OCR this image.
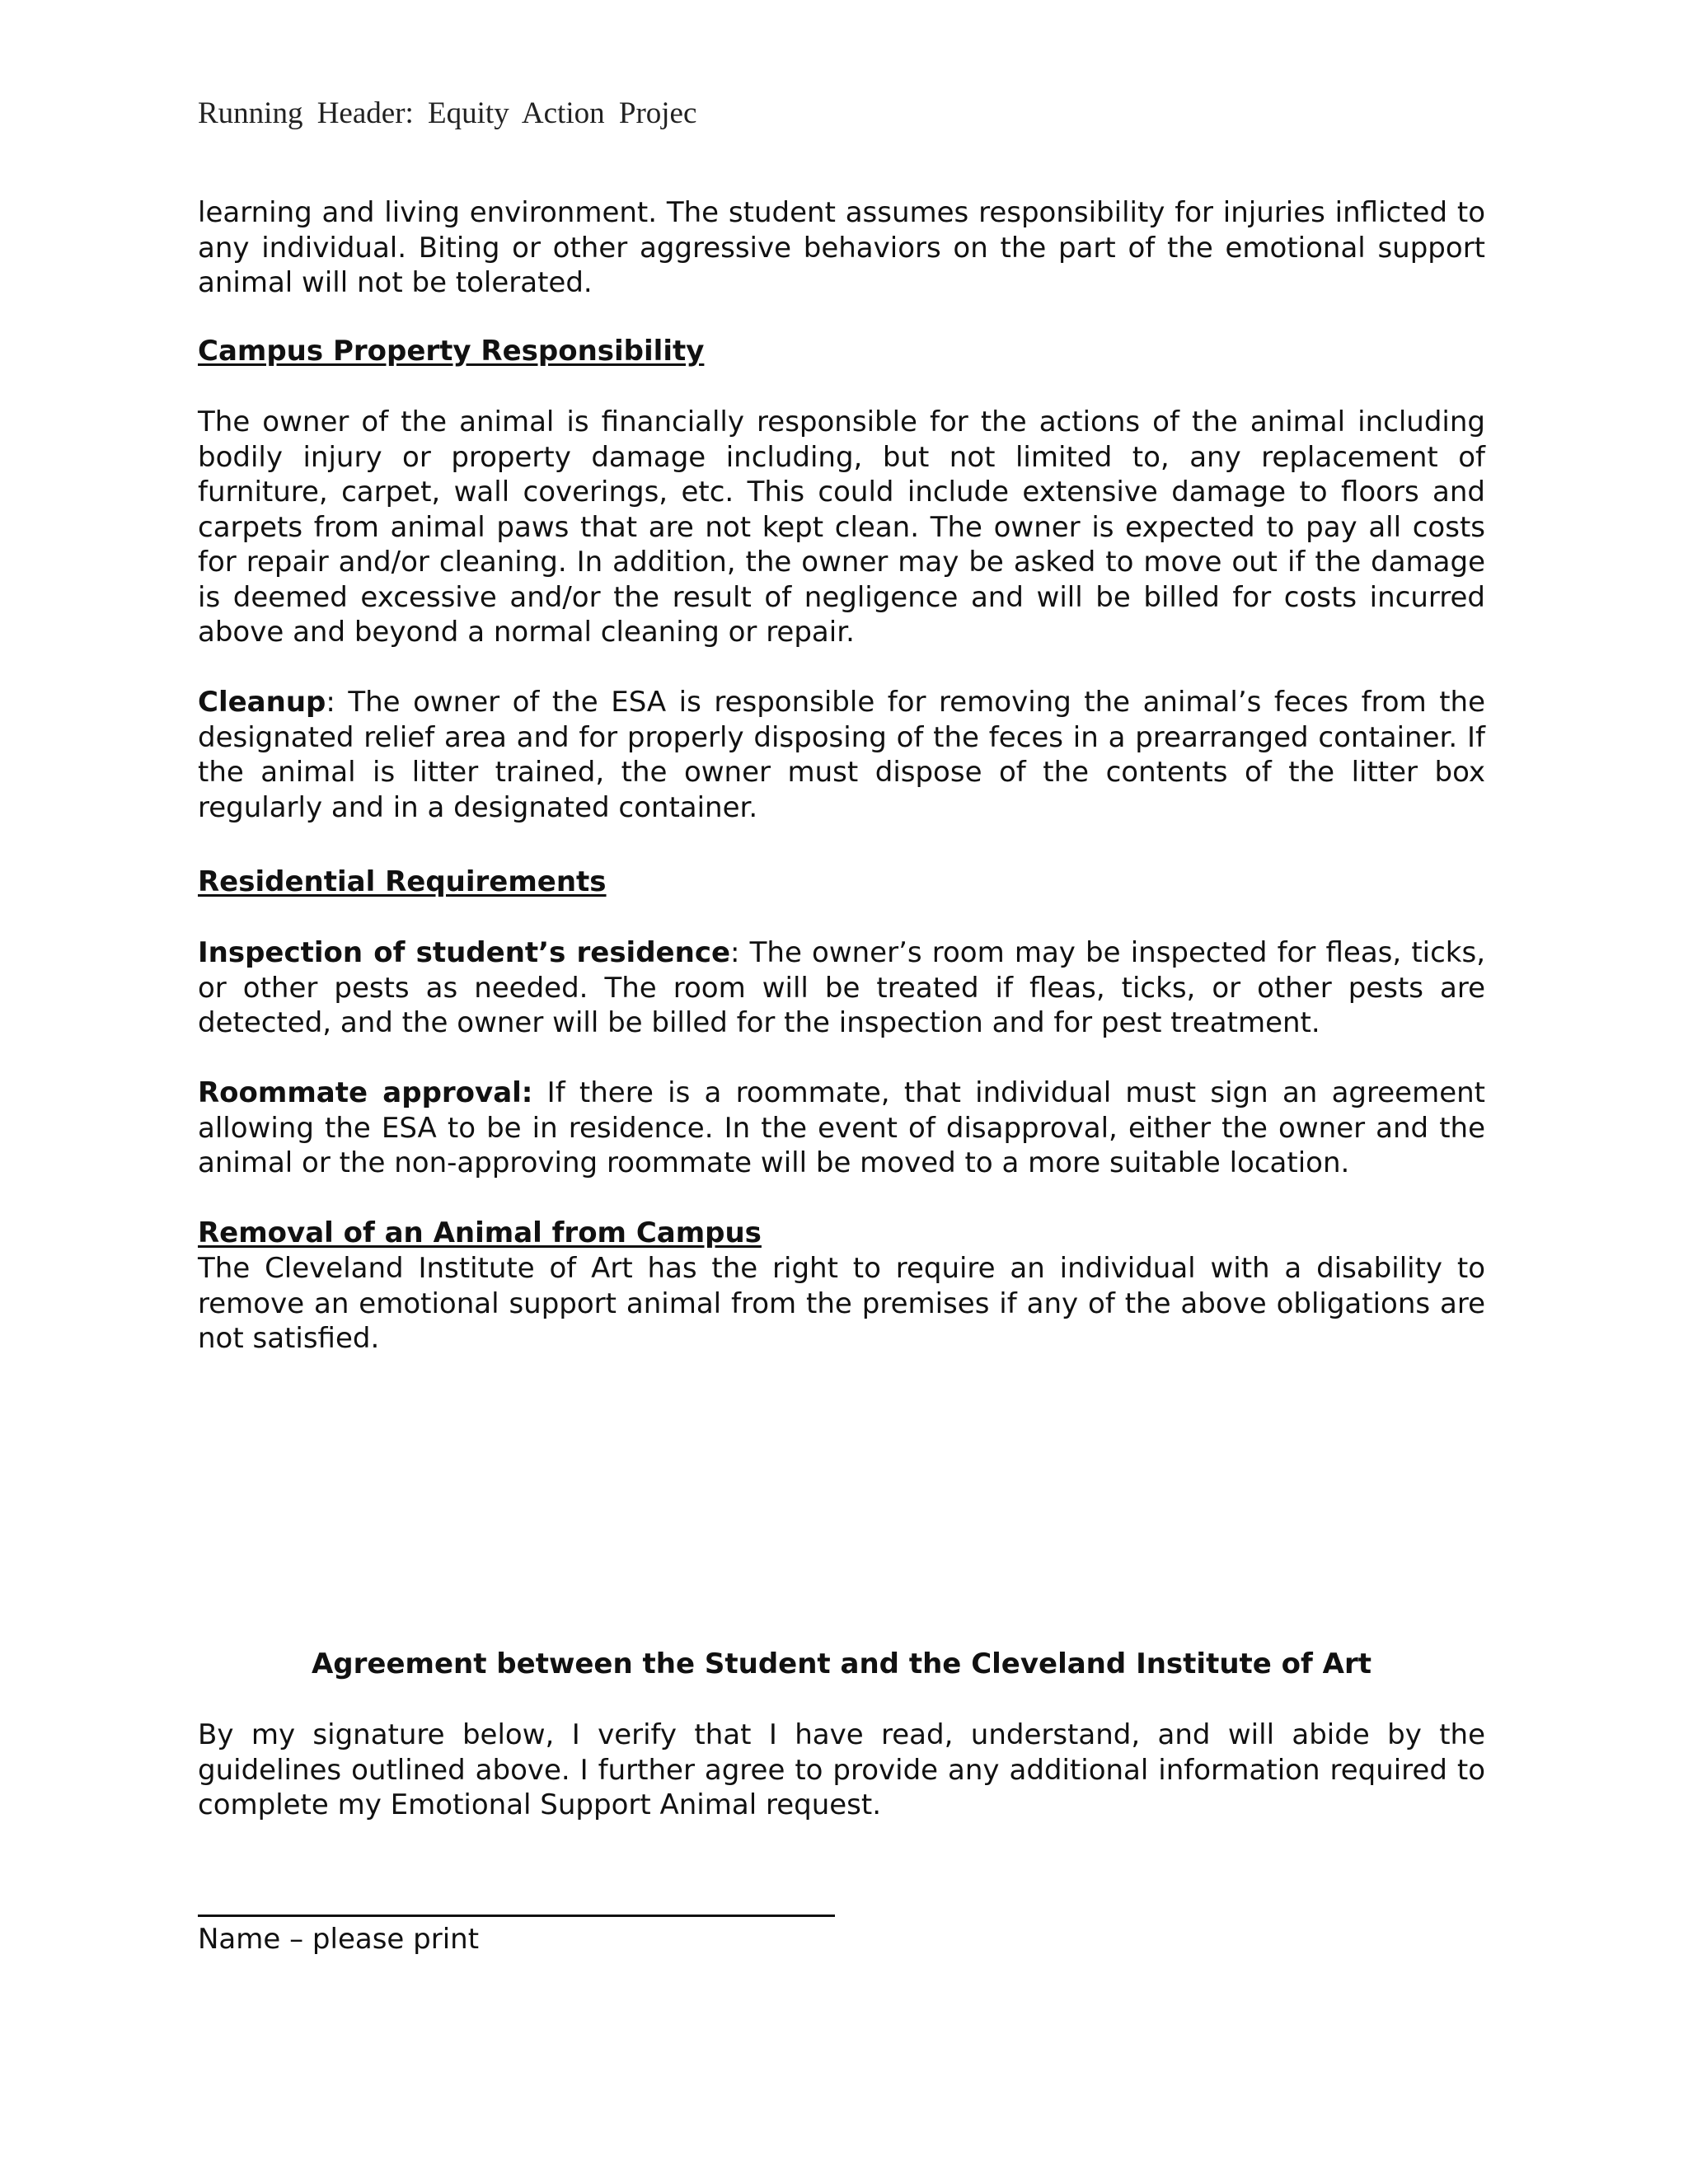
Running Header: Equity Action Projec

learning and living environment. The student assumes responsibility for injuries inflicted to any individual. Biting or other aggressive behaviors on the part of the emotional support animal will not be tolerated.

Campus Property Responsibility

The owner of the animal is financially responsible for the actions of the animal including bodily injury or property damage including, but not limited to, any replacement of furniture, carpet, wall coverings, etc. This could include extensive damage to floors and carpets from animal paws that are not kept clean. The owner is expected to pay all costs for repair and/or cleaning. In addition, the owner may be asked to move out if the damage is deemed excessive and/or the result of negligence and will be billed for costs incurred above and beyond a normal cleaning or repair.

Cleanup: The owner of the ESA is responsible for removing the animal’s feces from the designated relief area and for properly disposing of the feces in a prearranged container. If the animal is litter trained, the owner must dispose of the contents of the litter box regularly and in a designated container.

Residential Requirements

Inspection of student’s residence: The owner’s room may be inspected for fleas, ticks, or other pests as needed. The room will be treated if fleas, ticks, or other pests are detected, and the owner will be billed for the inspection and for pest treatment.

Roommate approval: If there is a roommate, that individual must sign an agreement allowing the ESA to be in residence. In the event of disapproval, either the owner and the animal or the non-approving roommate will be moved to a more suitable location.

Removal of an Animal from Campus

The Cleveland Institute of Art has the right to require an individual with a disability to remove an emotional support animal from the premises if any of the above obligations are not satisfied.

Agreement between the Student and the Cleveland Institute of Art

By my signature below, I verify that I have read, understand, and will abide by the guidelines outlined above. I further agree to provide any additional information required to complete my Emotional Support Animal request.

Name – please print
